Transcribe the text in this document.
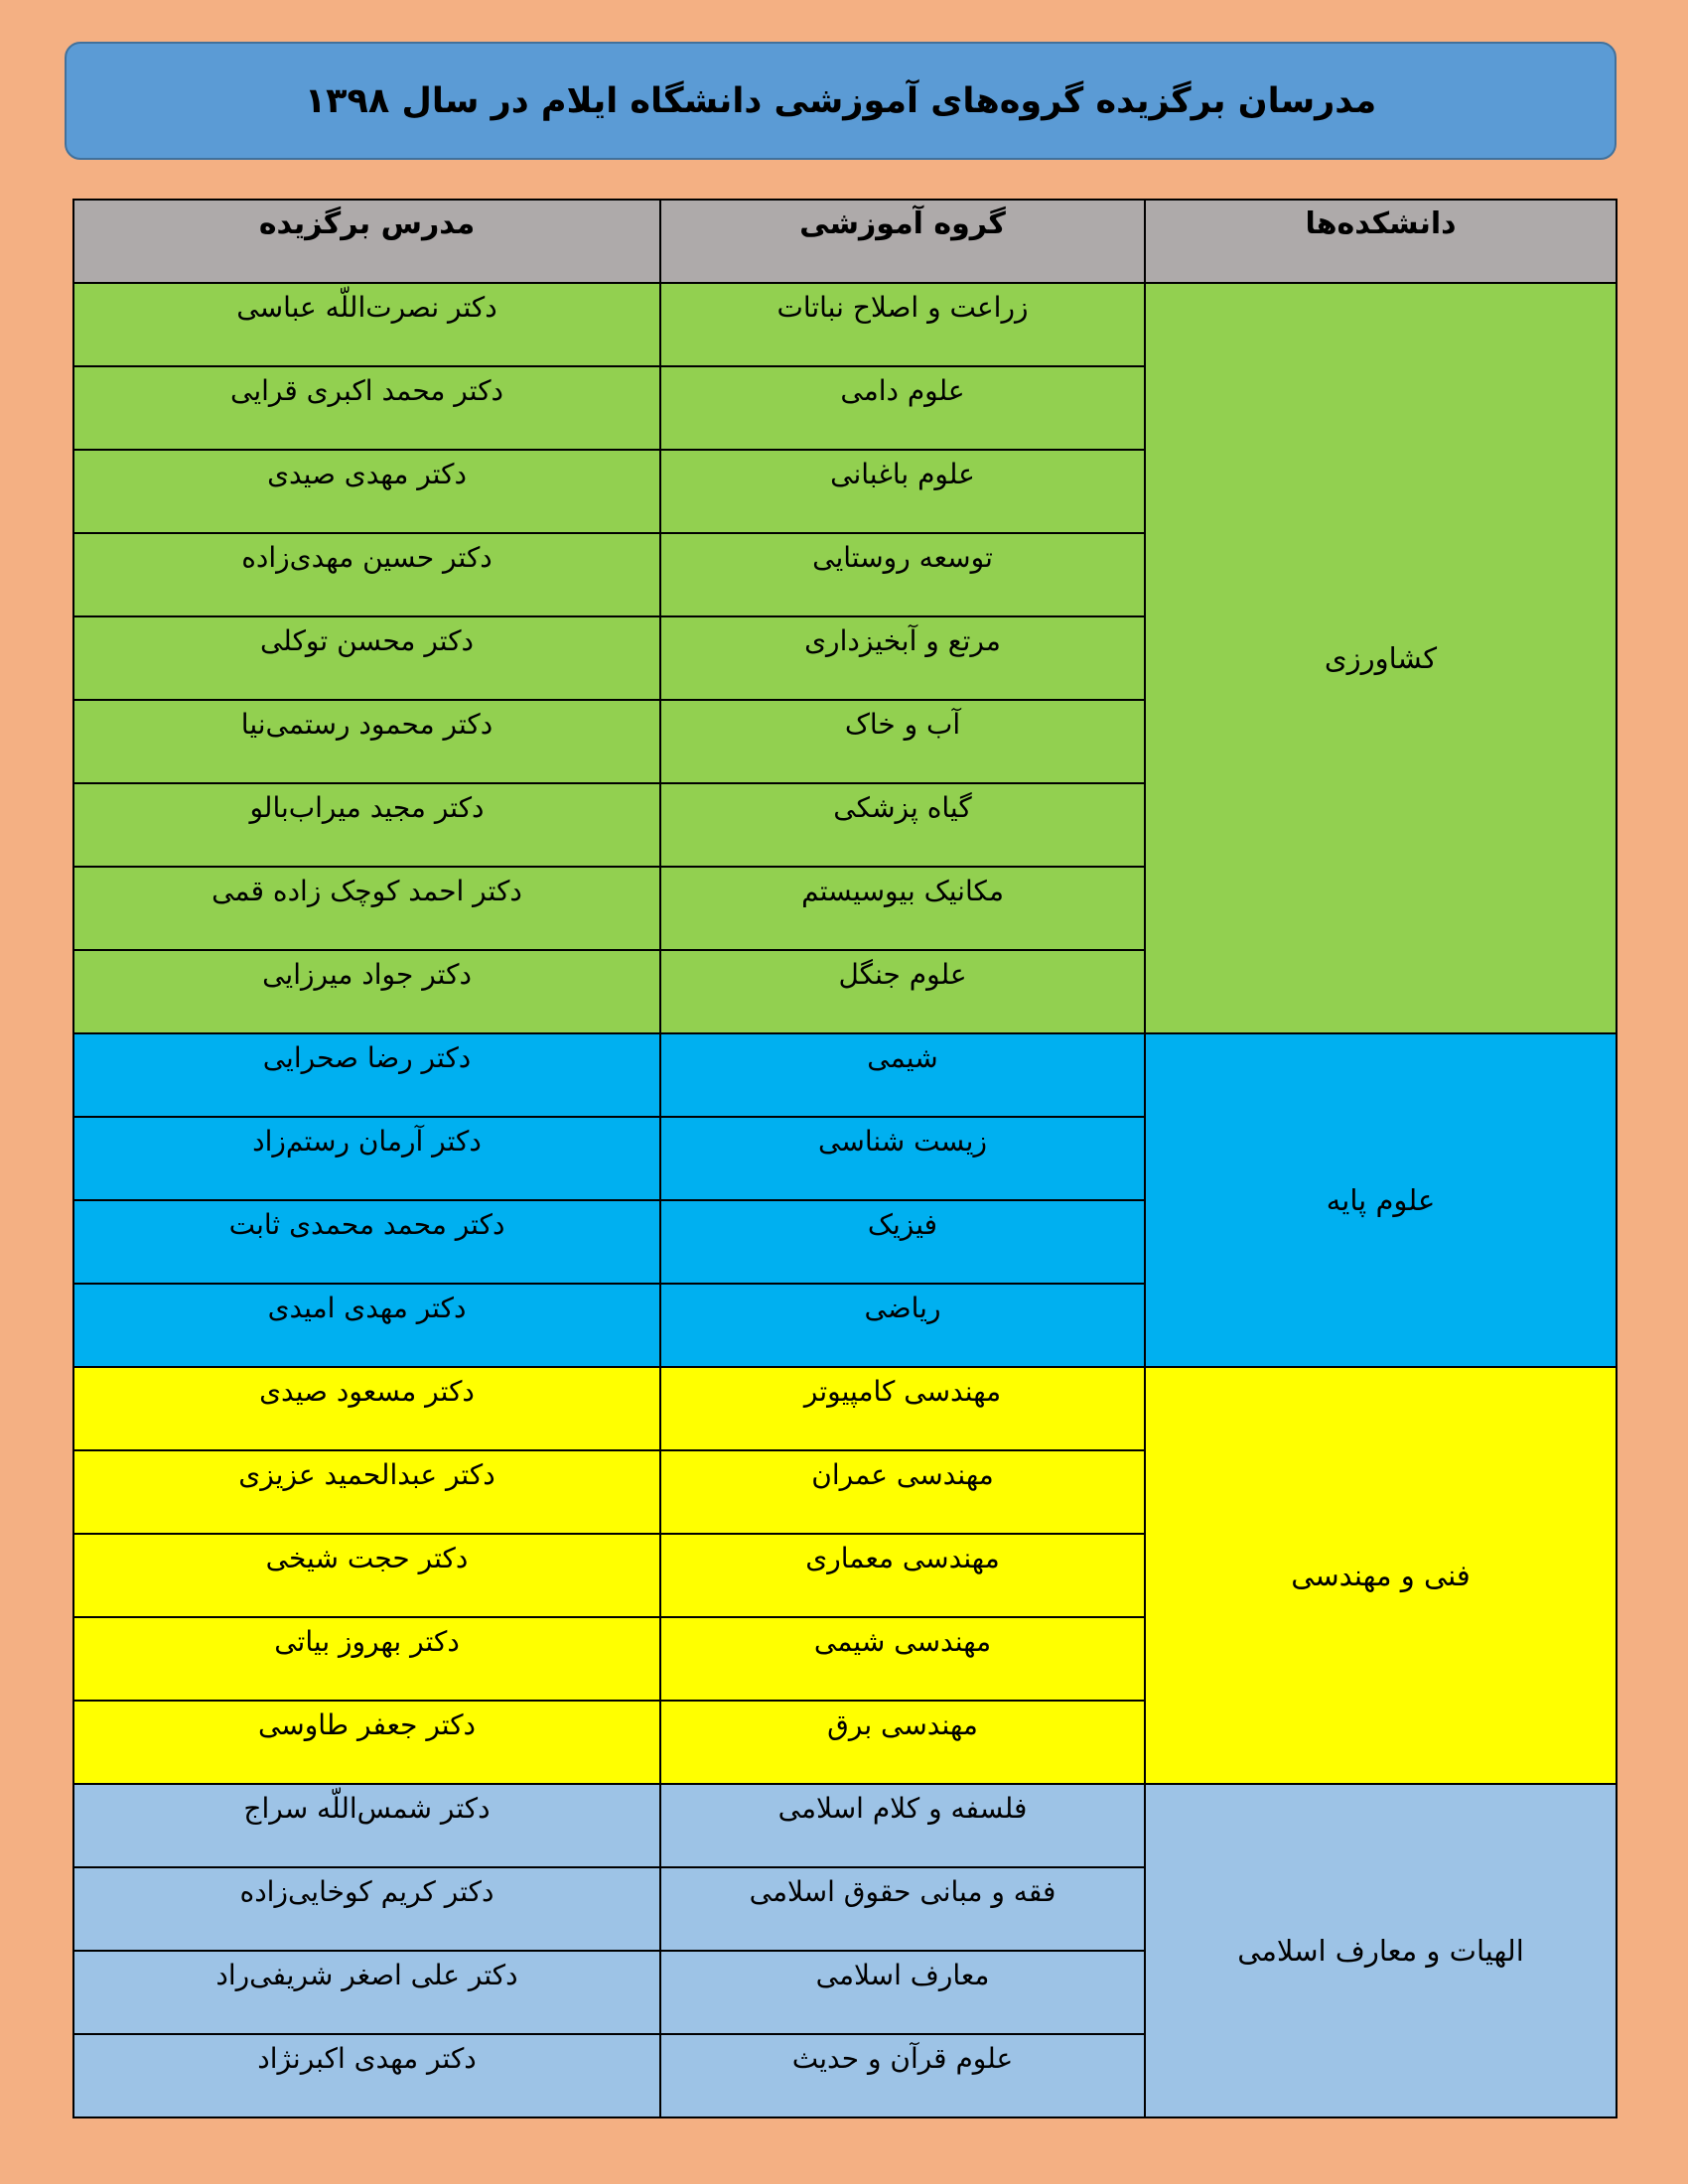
مدرسان برگزیده گروه‌های آموزشی دانشگاه ایلام در سال ۱۳۹۸
دانشکده‌ها	گروه آموزشی	مدرس برگزیده
کشاورزی	زراعت و اصلاح نباتات	دکتر نصرت‌اللّه عباسی
	علوم دامی	دکتر محمد اکبری قرایی
	علوم باغبانی	دکتر مهدی صیدی
	توسعه روستایی	دکتر حسین مهدی‌زاده
	مرتع و آبخیزداری	دکتر محسن توکلی
	آب و خاک	دکتر محمود رستمی‌نیا
	گیاه پزشکی	دکتر مجید میراب‌بالو
	مکانیک بیوسیستم	دکتر احمد کوچک زاده قمی
	علوم جنگل	دکتر جواد میرزایی
علوم پایه	شیمی	دکتر رضا صحرایی
	زیست شناسی	دکتر آرمان رستم‌زاد
	فیزیک	دکتر محمد محمدی ثابت
	ریاضی	دکتر مهدی امیدی
فنی و مهندسی	مهندسی کامپیوتر	دکتر مسعود صیدی
	مهندسی عمران	دکتر عبدالحمید عزیزی
	مهندسی معماری	دکتر حجت شیخی
	مهندسی شیمی	دکتر بهروز بیاتی
	مهندسی برق	دکتر جعفر طاوسی
الهیات و معارف اسلامی	فلسفه و کلام اسلامی	دکتر شمس‌اللّه سراج
	فقه و مبانی حقوق اسلامی	دکتر کریم کوخایی‌زاده
	معارف اسلامی	دکتر علی اصغر شریفی‌راد
	علوم قرآن و حدیث	دکتر مهدی اکبرنژاد
